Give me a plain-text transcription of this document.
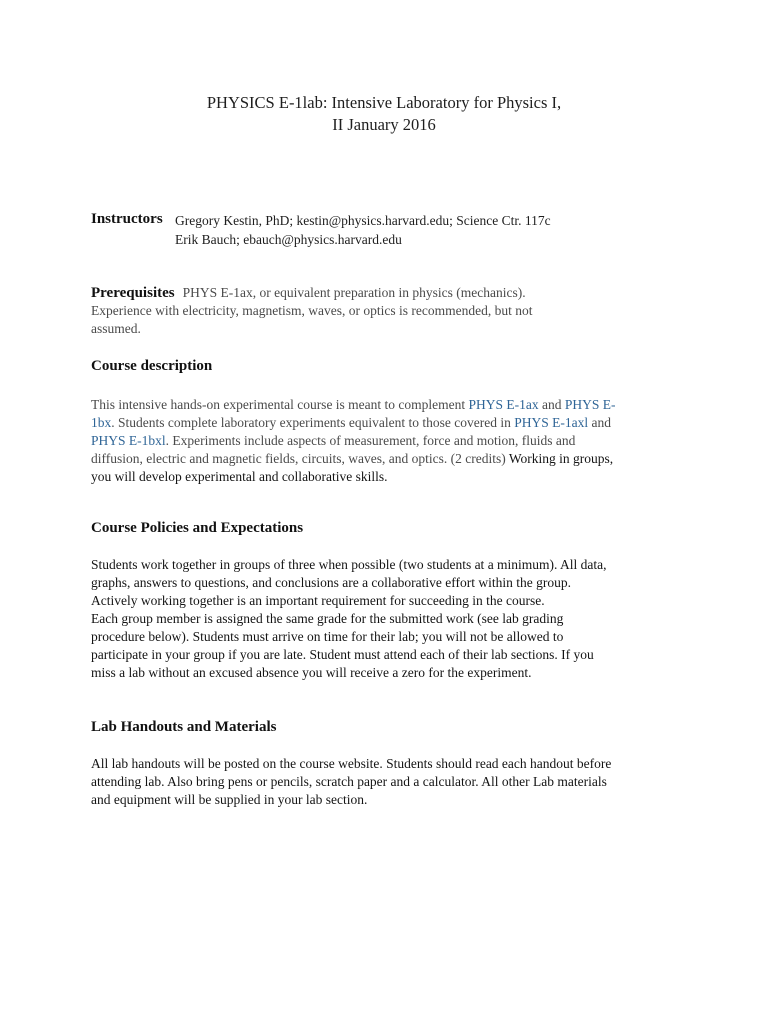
PHYSICS E-1lab: Intensive Laboratory for Physics I,
II January 2016
Instructors Gregory Kestin, PhD; kestin@physics.harvard.edu; Science Ctr. 117c
Erik Bauch; ebauch@physics.harvard.edu
Prerequisites PHYS E-1ax, or equivalent preparation in physics (mechanics).
Experience with electricity, magnetism, waves, or optics is recommended, but not
assumed.
Course description
This intensive hands-on experimental course is meant to complement PHYS E-1ax and PHYS E-
1bx. Students complete laboratory experiments equivalent to those covered in PHYS E-1axl and
PHYS E-1bxl. Experiments include aspects of measurement, force and motion, fluids and
diffusion, electric and magnetic fields, circuits, waves, and optics. (2 credits) Working in groups,
you will develop experimental and collaborative skills.
Course Policies and Expectations
Students work together in groups of three when possible (two students at a minimum). All data,
graphs, answers to questions, and conclusions are a collaborative effort within the group.
Actively working together is an important requirement for succeeding in the course.
Each group member is assigned the same grade for the submitted work (see lab grading
procedure below). Students must arrive on time for their lab; you will not be allowed to
participate in your group if you are late. Student must attend each of their lab sections. If you
miss a lab without an excused absence you will receive a zero for the experiment.
Lab Handouts and Materials
All lab handouts will be posted on the course website. Students should read each handout before
attending lab. Also bring pens or pencils, scratch paper and a calculator. All other Lab materials
and equipment will be supplied in your lab section.
